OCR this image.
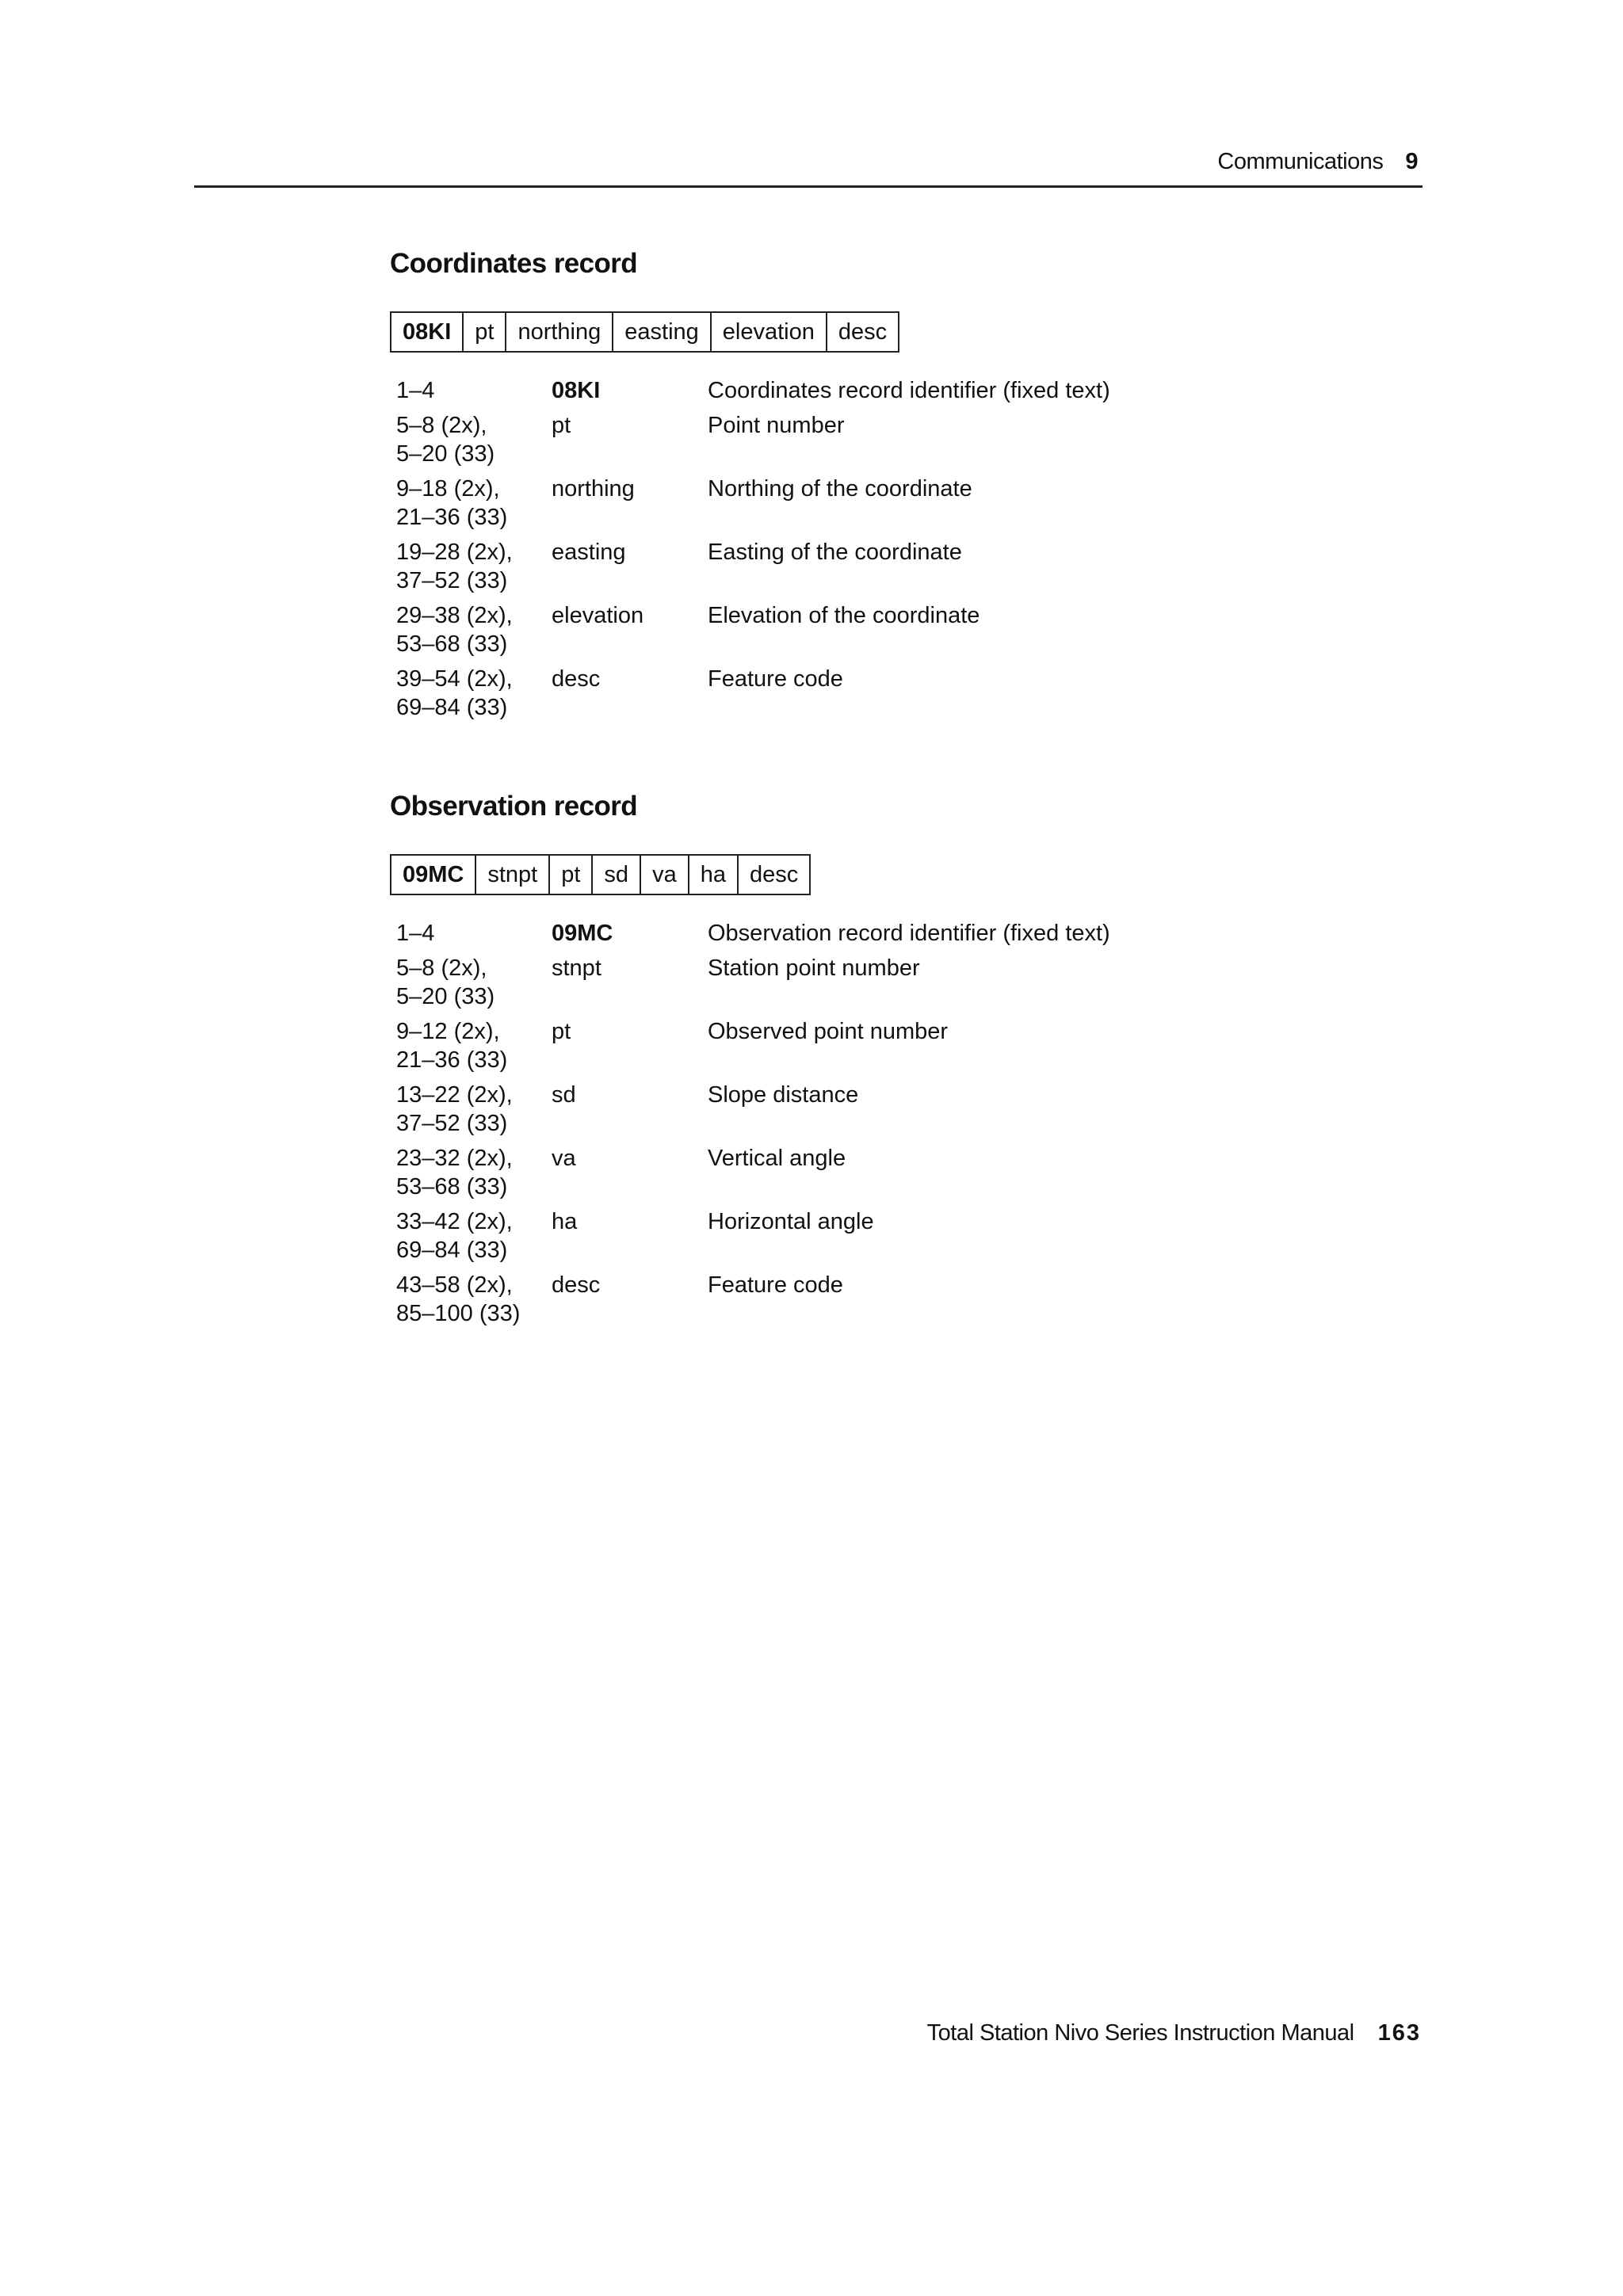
Communications 9
Coordinates record
08KI	pt	northing	easting	elevation	desc
1–4	08KI	Coordinates record identifier (fixed text)
5–8 (2x),
5–20 (33)	pt	Point number
9–18 (2x),
21–36 (33)	northing	Northing of the coordinate
19–28 (2x),
37–52 (33)	easting	Easting of the coordinate
29–38 (2x),
53–68 (33)	elevation	Elevation of the coordinate
39–54 (2x),
69–84 (33)	desc	Feature code
Observation record
09MC	stnpt	pt	sd	va	ha	desc
1–4	09MC	Observation record identifier (fixed text)
5–8 (2x),
5–20 (33)	stnpt	Station point number
9–12 (2x),
21–36 (33)	pt	Observed point number
13–22 (2x),
37–52 (33)	sd	Slope distance
23–32 (2x),
53–68 (33)	va	Vertical angle
33–42 (2x),
69–84 (33)	ha	Horizontal angle
43–58 (2x),
85–100 (33)	desc	Feature code
Total Station Nivo Series Instruction Manual 163
